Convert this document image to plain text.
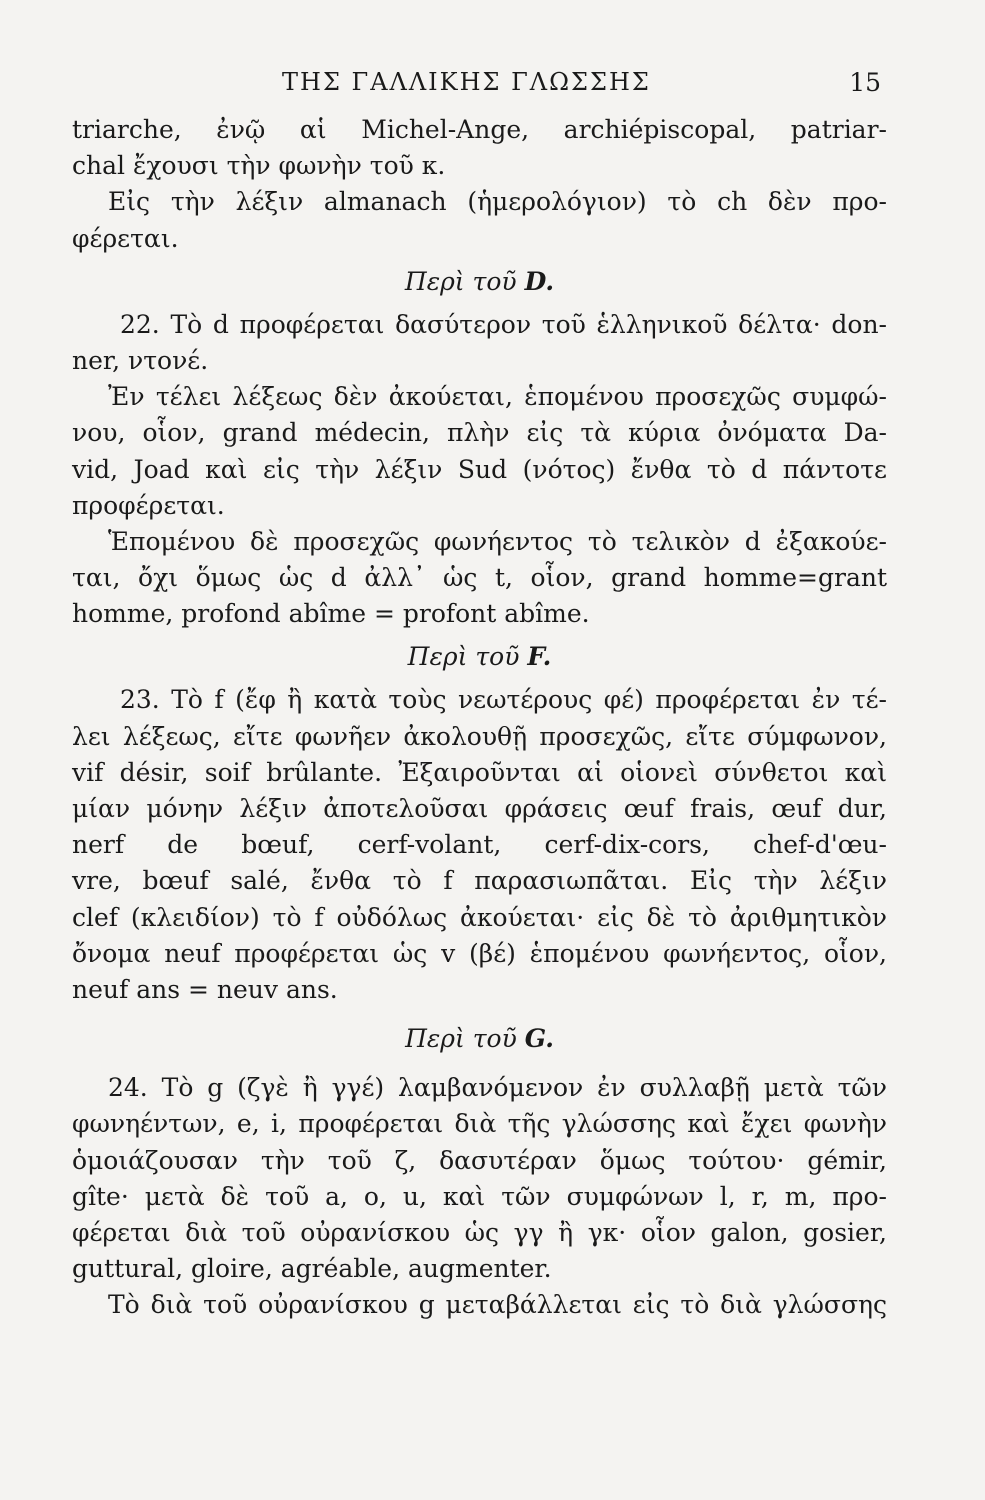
ΤΗΣ ΓΑΛΛΙΚΗΣ ΓΛΩΣΣΗΣ	15
triarche, ἐνῷ αἱ Michel-Ange, archiépiscopal, patriar-
chal ἔχουσι τὴν φωνὴν τοῦ κ.
Εἰς τὴν λέξιν almanach (ἡμερολόγιον) τὸ ch δὲν προ-
φέρεται.
Περὶ τοῦ D.
22. Τὸ d προφέρεται δασύτερον τοῦ ἑλληνικοῦ δέλτα· don-
ner, ντονέ.
Ἐν τέλει λέξεως δὲν ἀκούεται, ἑπομένου προσεχῶς συμφώ-
νου, οἷον, grand médecin, πλὴν εἰς τὰ κύρια ὀνόματα Da-
vid, Joad καὶ εἰς τὴν λέξιν Sud (νότος) ἔνθα τὸ d πάντοτε
προφέρεται.
Ἑπομένου δὲ προσεχῶς φωνήεντος τὸ τελικὸν d ἐξακούε-
ται, ὄχι ὅμως ὡς d ἀλλ᾽ ὡς t, οἷον, grand homme=grant
homme, profond abîme = profont abîme.
Περὶ τοῦ F.
23. Τὸ f (ἔφ ἢ κατὰ τοὺς νεωτέρους φέ) προφέρεται ἐν τέ-
λει λέξεως, εἴτε φωνῆεν ἀκολουθῇ προσεχῶς, εἴτε σύμφωνον,
vif désir, soif brûlante. Ἐξαιροῦνται αἱ οἱονεὶ σύνθετοι καὶ
μίαν μόνην λέξιν ἀποτελοῦσαι φράσεις œuf frais, œuf dur,
nerf de bœuf, cerf-volant, cerf-dix-cors, chef-d'œu-
vre, bœuf salé, ἔνθα τὸ f παρασιωπᾶται. Εἰς τὴν λέξιν
clef (κλειδίον) τὸ f οὐδόλως ἀκούεται· εἰς δὲ τὸ ἀριθμητικὸν
ὄνομα neuf προφέρεται ὡς v (βέ) ἑπομένου φωνήεντος, οἷον,
neuf ans = neuv ans.
Περὶ τοῦ G.
24. Τὸ g (ζγὲ ἢ γγέ) λαμβανόμενον ἐν συλλαβῇ μετὰ τῶν
φωνηέντων, e, i, προφέρεται διὰ τῆς γλώσσης καὶ ἔχει φωνὴν
ὁμοιάζουσαν τὴν τοῦ ζ, δασυτέραν ὅμως τούτου· gémir,
gîte· μετὰ δὲ τοῦ a, o, u, καὶ τῶν συμφώνων l, r, m, προ-
φέρεται διὰ τοῦ οὐρανίσκου ὡς γγ ἢ γκ· οἷον galon, gosier,
guttural, gloire, agréable, augmenter.
Τὸ διὰ τοῦ οὐρανίσκου g μεταβάλλεται εἰς τὸ διὰ γλώσσης
